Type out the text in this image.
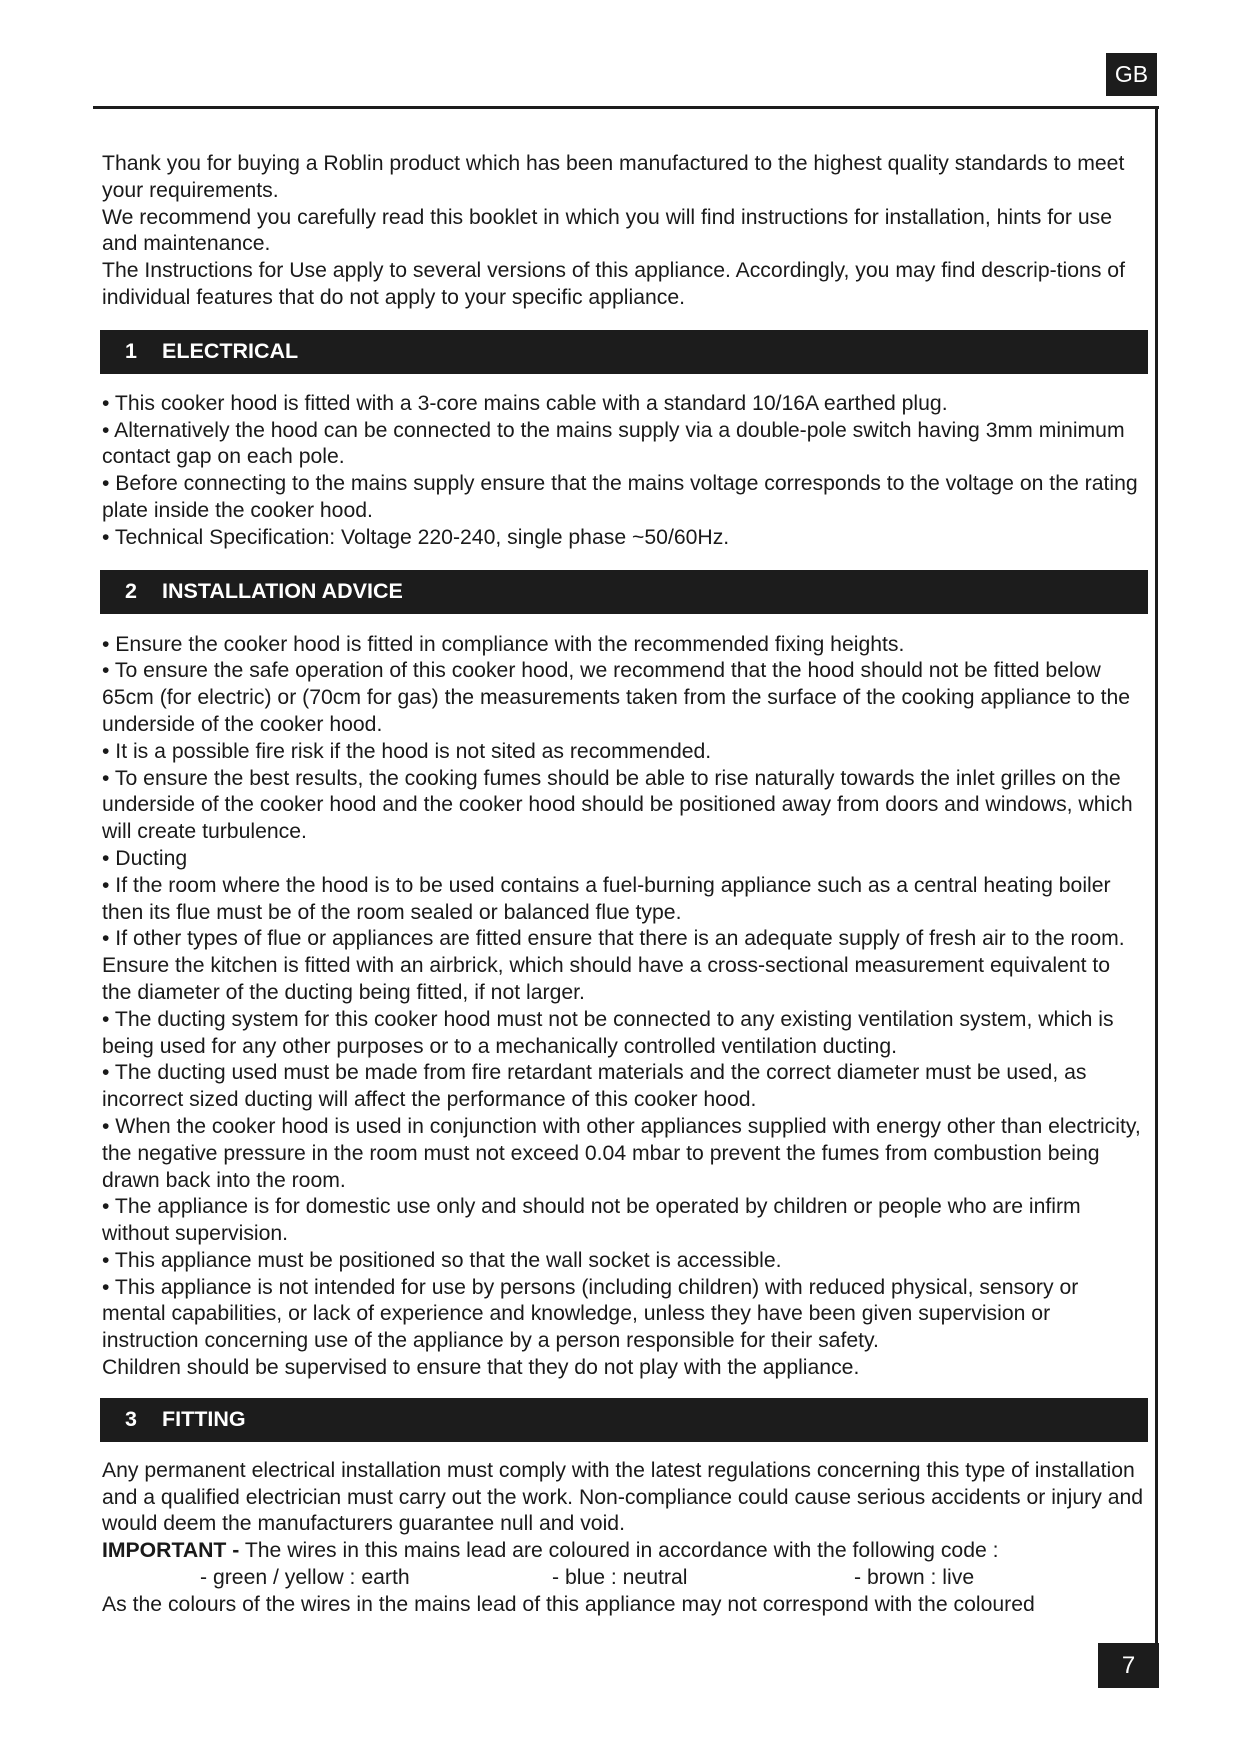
GB

Thank you for buying a Roblin product which has been manufactured to the highest quality standards to meet your requirements.

We recommend you carefully read this booklet in which you will find instructions for installation, hints for use and maintenance.

The Instructions for Use apply to several versions of this appliance. Accordingly, you may find descrip-tions of individual features that do not apply to your specific appliance.

1	ELECTRICAL

• This cooker hood is fitted with a 3-core mains cable with a standard 10/16A earthed plug.

• Alternatively the hood can be connected to the mains supply via a double-pole switch having 3mm minimum contact gap on each pole.

• Before connecting to the mains supply ensure that the mains voltage corresponds to the voltage on the rating plate inside the cooker hood.

• Technical Specification: Voltage 220-240, single phase ~50/60Hz.

2	INSTALLATION ADVICE

• Ensure the cooker hood is fitted in compliance with the recommended fixing heights.

• To ensure the safe operation of this cooker hood, we recommend that the hood should not be fitted below 65cm (for electric) or (70cm for gas) the measurements taken from the surface of the cooking appliance to the underside of the cooker hood.

• It is a possible fire risk if the hood is not sited as recommended.

• To ensure the best results, the cooking fumes should be able to rise naturally towards the inlet grilles on the underside of the cooker hood and the cooker hood should be positioned away from doors and windows, which will create turbulence.

• Ducting

• If the room where the hood is to be used contains a fuel-burning appliance such as a central heating boiler then its flue must be of the room sealed or balanced flue type.

• If other types of flue or appliances are fitted ensure that there is an adequate supply of fresh air to the room. Ensure the kitchen is fitted with an airbrick, which should have a cross-sectional measurement equivalent to the diameter of the ducting being fitted, if not larger.

• The ducting system for this cooker hood must not be connected to any existing ventilation system, which is being used for any other purposes or to a mechanically controlled ventilation ducting.

• The ducting used must be made from fire retardant materials and the correct diameter must be used, as incorrect sized ducting will affect the performance of this cooker hood.

• When the cooker hood is used in conjunction with other appliances supplied with energy other than electricity, the negative pressure in the room must not exceed 0.04 mbar to prevent the fumes from combustion being drawn back into the room.

• The appliance is for domestic use only and should not be operated by children or people who are infirm without supervision.

• This appliance must be positioned so that the wall socket is accessible.

• This appliance is not intended for use by persons (including children) with reduced physical, sensory or mental capabilities, or lack of experience and knowledge, unless they have been given supervision or instruction concerning use of the appliance by a person responsible for their safety.

Children should be supervised to ensure that they do not play with the appliance.

3	FITTING

Any permanent electrical installation must comply with the latest regulations concerning this type of installation and a qualified electrician must carry out the work. Non-compliance could cause serious accidents or injury and would deem the manufacturers guarantee null and void.

IMPORTANT - The wires in this mains lead are coloured in accordance with the following code :

- green / yellow : earth	- blue : neutral	- brown : live

As the colours of the wires in the mains lead of this appliance may not correspond with the coloured

7
